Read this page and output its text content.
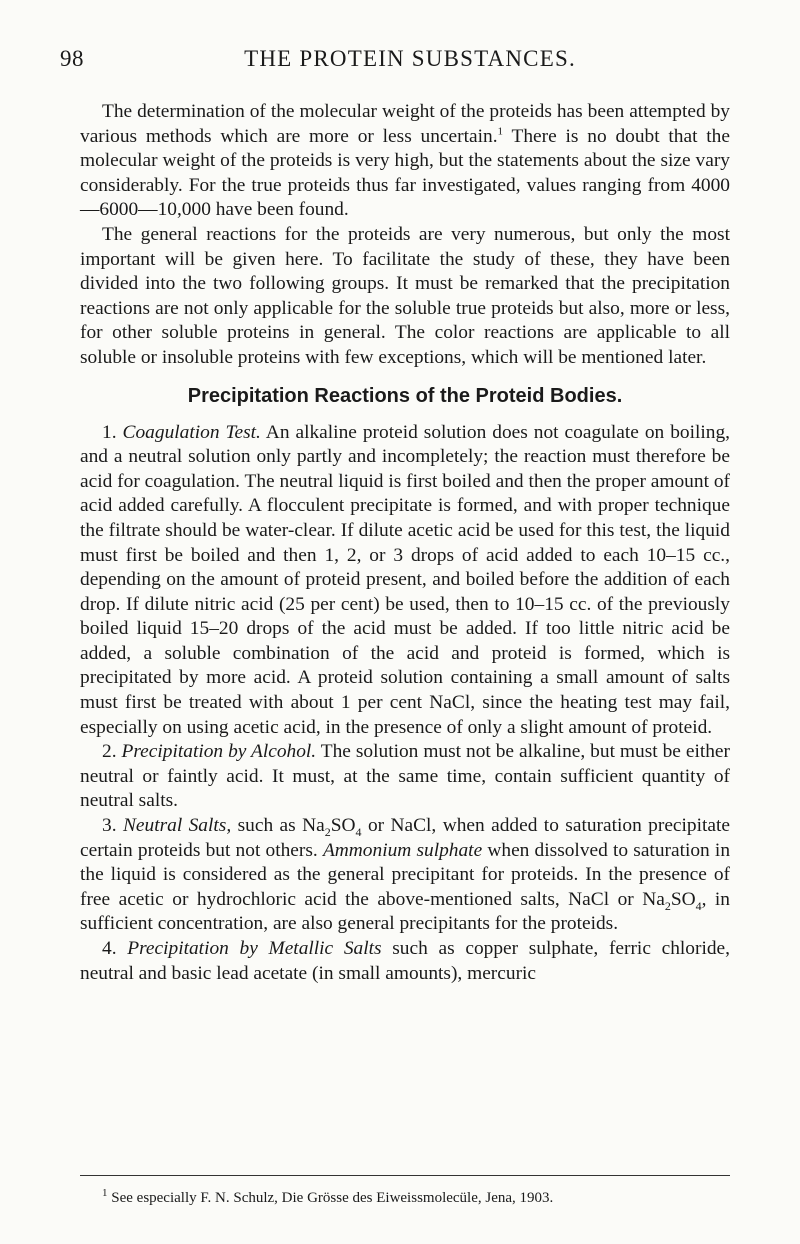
98	THE PROTEIN SUBSTANCES.

The determination of the molecular weight of the proteids has been attempted by various methods which are more or less uncertain.$^1$ There is no doubt that the molecular weight of the proteids is very high, but the statements about the size vary considerably. For the true proteids thus far investigated, values ranging from 4000—6000—10,000 have been found.

The general reactions for the proteids are very numerous, but only the most important will be given here. To facilitate the study of these, they have been divided into the two following groups. It must be remarked that the precipitation reactions are not only applicable for the soluble true proteids but also, more or less, for other soluble proteins in general. The color reactions are applicable to all soluble or insoluble proteins with few exceptions, which will be mentioned later.

Precipitation Reactions of the Proteid Bodies.

1. Coagulation Test. An alkaline proteid solution does not coagulate on boiling, and a neutral solution only partly and incompletely; the reaction must therefore be acid for coagulation. The neutral liquid is first boiled and then the proper amount of acid added carefully. A flocculent precipitate is formed, and with proper technique the filtrate should be water-clear. If dilute acetic acid be used for this test, the liquid must first be boiled and then 1, 2, or 3 drops of acid added to each 10–15 cc., depending on the amount of proteid present, and boiled before the addition of each drop. If dilute nitric acid (25 per cent) be used, then to 10–15 cc. of the previously boiled liquid 15–20 drops of the acid must be added. If too little nitric acid be added, a soluble combination of the acid and proteid is formed, which is precipitated by more acid. A proteid solution containing a small amount of salts must first be treated with about 1 per cent NaCl, since the heating test may fail, especially on using acetic acid, in the presence of only a slight amount of proteid.

2. Precipitation by Alcohol. The solution must not be alkaline, but must be either neutral or faintly acid. It must, at the same time, contain sufficient quantity of neutral salts.

3. Neutral Salts, such as $Na_2SO_4$ or NaCl, when added to saturation precipitate certain proteids but not others. Ammonium sulphate when dissolved to saturation in the liquid is considered as the general precipitant for proteids. In the presence of free acetic or hydrochloric acid the above-mentioned salts, NaCl or $Na_2SO_4$, in sufficient concentration, are also general precipitants for the proteids.

4. Precipitation by Metallic Salts such as copper sulphate, ferric chloride, neutral and basic lead acetate (in small amounts), mercuric

$^1$ See especially F. N. Schulz, Die Grösse des Eiweissmolecüle, Jena, 1903.
